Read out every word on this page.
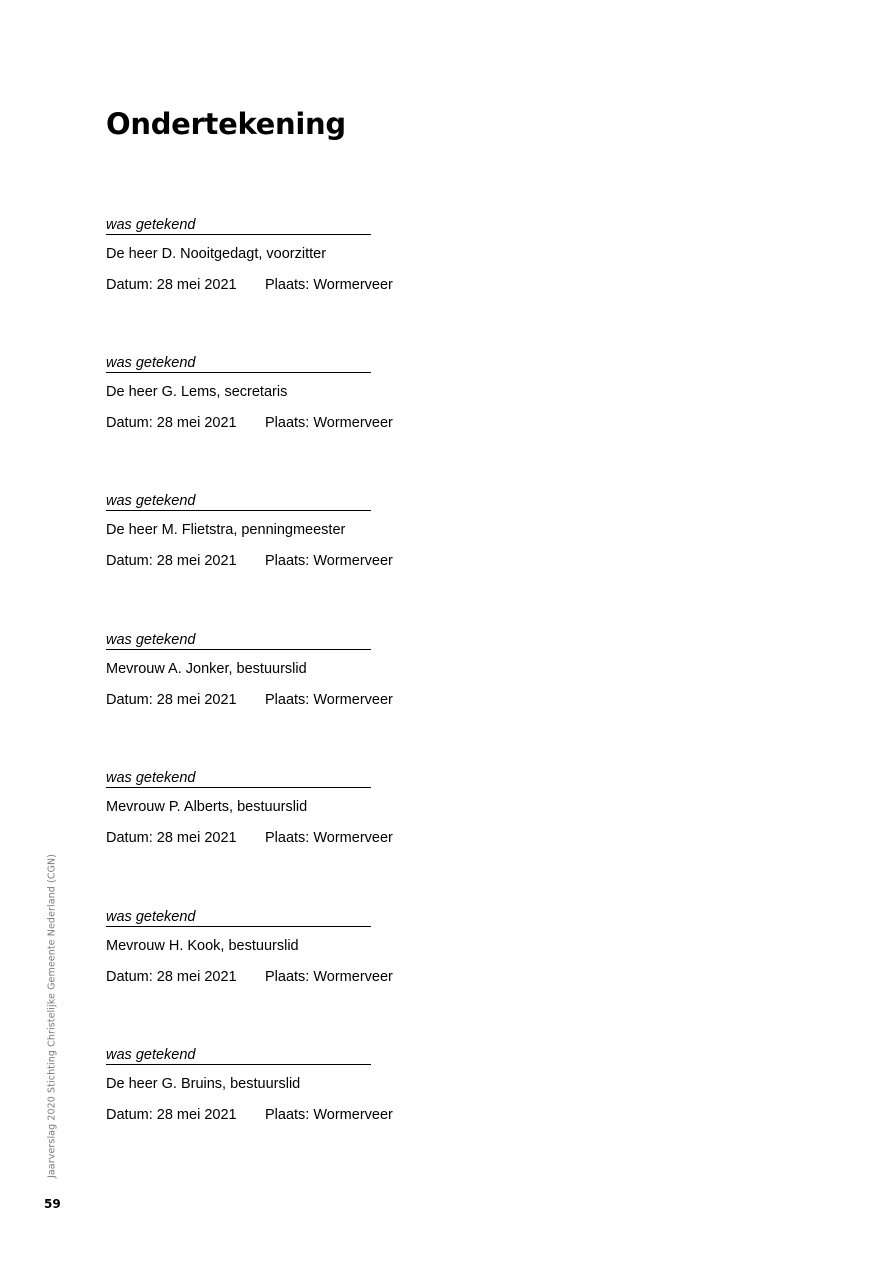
Ondertekening
was getekend
De heer D. Nooitgedagt, voorzitter
Datum: 28 mei 2021 Plaats: Wormerveer
was getekend
De heer G. Lems, secretaris
Datum: 28 mei 2021 Plaats: Wormerveer
was getekend
De heer M. Flietstra, penningmeester
Datum: 28 mei 2021 Plaats: Wormerveer
was getekend
Mevrouw A. Jonker, bestuurslid
Datum: 28 mei 2021 Plaats: Wormerveer
was getekend
Mevrouw P. Alberts, bestuurslid
Datum: 28 mei 2021 Plaats: Wormerveer
was getekend
Mevrouw H. Kook, bestuurslid
Datum: 28 mei 2021 Plaats: Wormerveer
was getekend
De heer G. Bruins, bestuurslid
Datum: 28 mei 2021 Plaats: Wormerveer
Jaarverslag 2020 Stichting Christelijke Gemeente Nederland (CGN)
59
